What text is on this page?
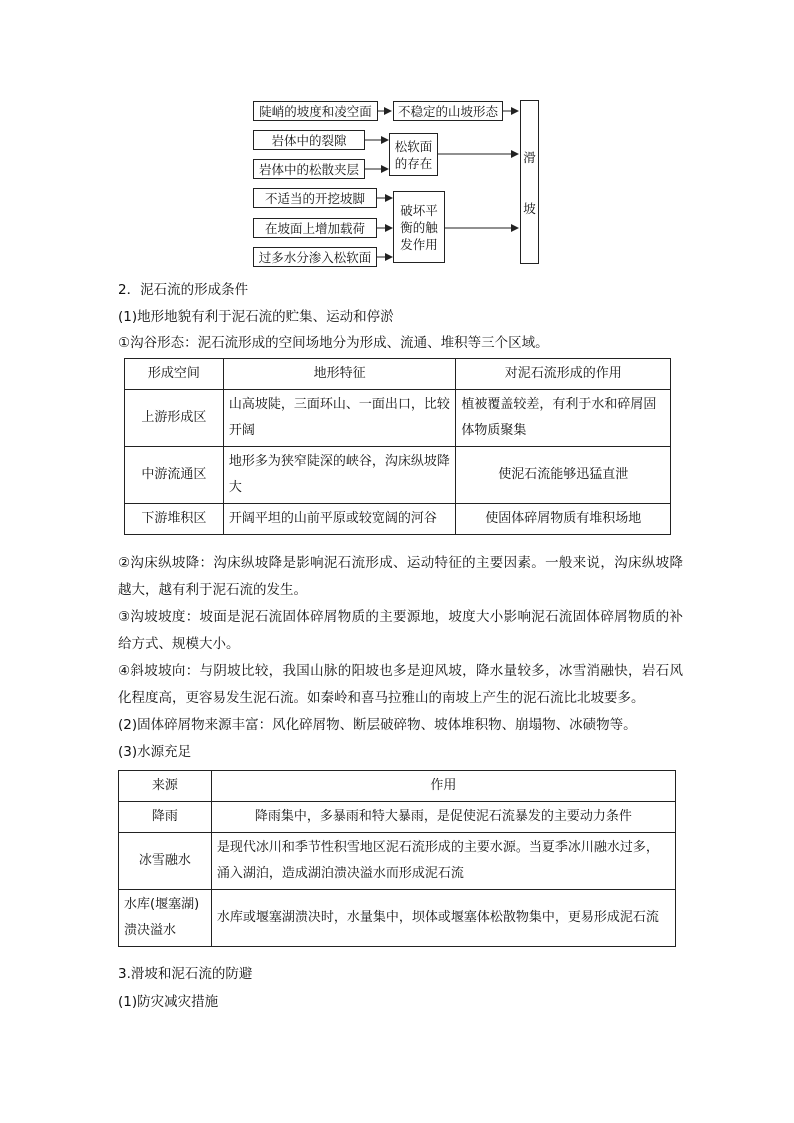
陡峭的坡度和凌空面
岩体中的裂隙
岩体中的松散夹层
不适当的开挖坡脚
在坡面上增加载荷
过多水分渗入松软面
不稳定的山坡形态
松软面的存在
破坏平衡的触发作用
滑
坡
2．泥石流的形成条件
(1)地形地貌有利于泥石流的贮集、运动和停淤
①沟谷形态：泥石流形成的空间场地分为形成、流通、堆积等三个区域。
形成空间	地形特征	对泥石流形成的作用
上游形成区	山高坡陡，三面环山、一面出口，比较开阔	植被覆盖较差，有利于水和碎屑固体物质聚集
中游流通区	地形多为狭窄陡深的峡谷，沟床纵坡降大	使泥石流能够迅猛直泄
下游堆积区	开阔平坦的山前平原或较宽阔的河谷	使固体碎屑物质有堆积场地
②沟床纵坡降：沟床纵坡降是影响泥石流形成、运动特征的主要因素。一般来说，沟床纵坡降越大，越有利于泥石流的发生。
③沟坡坡度：坡面是泥石流固体碎屑物质的主要源地，坡度大小影响泥石流固体碎屑物质的补给方式、规模大小。
④斜坡坡向：与阴坡比较，我国山脉的阳坡也多是迎风坡，降水量较多，冰雪消融快，岩石风化程度高，更容易发生泥石流。如秦岭和喜马拉雅山的南坡上产生的泥石流比北坡要多。
(2)固体碎屑物来源丰富：风化碎屑物、断层破碎物、坡体堆积物、崩塌物、冰碛物等。
(3)水源充足
来源	作用
降雨	降雨集中，多暴雨和特大暴雨，是促使泥石流暴发的主要动力条件
冰雪融水	是现代冰川和季节性积雪地区泥石流形成的主要水源。当夏季冰川融水过多，涌入湖泊，造成湖泊溃决溢水而形成泥石流
水库(堰塞湖)溃决溢水	水库或堰塞湖溃决时，水量集中，坝体或堰塞体松散物集中，更易形成泥石流
3.滑坡和泥石流的防避
(1)防灾减灾措施
